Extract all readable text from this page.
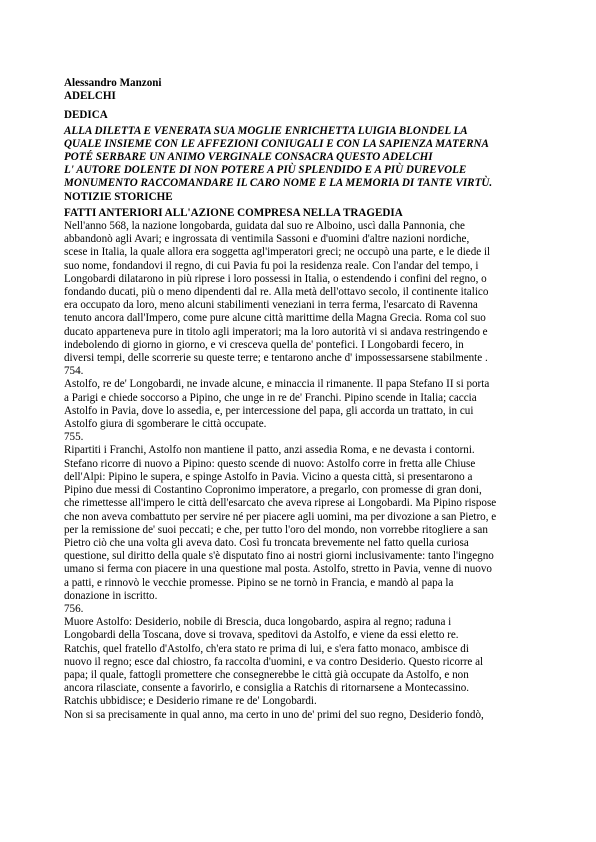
Alessandro Manzoni
ADELCHI
DEDICA
ALLA DILETTA E VENERATA SUA MOGLIE ENRICHETTA LUIGIA BLONDEL LA
QUALE INSIEME CON LE AFFEZIONI CONIUGALI E CON LA SAPIENZA MATERNA
POTÉ SERBARE UN ANIMO VERGINALE CONSACRA QUESTO ADELCHI
L' AUTORE DOLENTE DI NON POTERE A PIÙ SPLENDIDO E A PIÙ DUREVOLE
MONUMENTO RACCOMANDARE IL CARO NOME E LA MEMORIA DI TANTE VIRTÙ.
NOTIZIE STORICHE
FATTI ANTERIORI ALL'AZIONE COMPRESA NELLA TRAGEDIA
Nell'anno 568, la nazione longobarda, guidata dal suo re Alboino, uscì dalla Pannonia, che
abbandonò agli Avari; e ingrossata di ventimila Sassoni e d'uomini d'altre nazioni nordiche,
scese in Italia, la quale allora era soggetta agl'imperatori greci; ne occupò una parte, e le diede il
suo nome, fondandovi il regno, di cui Pavia fu poi la residenza reale. Con l'andar del tempo, i
Longobardi dilatarono in più riprese i loro possessi in Italia, o estendendo i confini del regno, o
fondando ducati, più o meno dipendenti dal re. Alla metà dell'ottavo secolo, il continente italico
era occupato da loro, meno alcuni stabilimenti veneziani in terra ferma, l'esarcato di Ravenna
tenuto ancora dall'Impero, come pure alcune città marittime della Magna Grecia. Roma col suo
ducato apparteneva pure in titolo agli imperatori; ma la loro autorità vi si andava restringendo e
indebolendo di giorno in giorno, e vi cresceva quella de' pontefici. I Longobardi fecero, in
diversi tempi, delle scorrerie su queste terre; e tentarono anche d' impossessarsene stabilmente .
754.
Astolfo, re de' Longobardi, ne invade alcune, e minaccia il rimanente. Il papa Stefano II si porta
a Parigi e chiede soccorso a Pipino, che unge in re de' Franchi. Pipino scende in Italia; caccia
Astolfo in Pavia, dove lo assedia, e, per intercessione del papa, gli accorda un trattato, in cui
Astolfo giura di sgomberare le città occupate.
755.
Ripartiti i Franchi, Astolfo non mantiene il patto, anzi assedia Roma, e ne devasta i contorni.
Stefano ricorre di nuovo a Pipino: questo scende di nuovo: Astolfo corre in fretta alle Chiuse
dell'Alpi: Pipino le supera, e spinge Astolfo in Pavia. Vicino a questa città, si presentarono a
Pipino due messi di Costantino Copronimo imperatore, a pregarlo, con promesse di gran doni,
che rimettesse all'impero le città dell'esarcato che aveva riprese ai Longobardi. Ma Pipino rispose
che non aveva combattuto per servire né per piacere agli uomini, ma per divozione a san Pietro, e
per la remissione de' suoi peccati; e che, per tutto l'oro del mondo, non vorrebbe ritogliere a san
Pietro ciò che una volta gli aveva dato. Così fu troncata brevemente nel fatto quella curiosa
questione, sul diritto della quale s'è disputato fino ai nostri giorni inclusivamente: tanto l'ingegno
umano si ferma con piacere in una questione mal posta. Astolfo, stretto in Pavia, venne di nuovo
a patti, e rinnovò le vecchie promesse. Pipino se ne tornò in Francia, e mandò al papa la
donazione in iscritto.
756.
Muore Astolfo: Desiderio, nobile di Brescia, duca longobardo, aspira al regno; raduna i
Longobardi della Toscana, dove si trovava, speditovi da Astolfo, e viene da essi eletto re.
Ratchis, quel fratello d'Astolfo, ch'era stato re prima di lui, e s'era fatto monaco, ambisce di
nuovo il regno; esce dal chiostro, fa raccolta d'uomini, e va contro Desiderio. Questo ricorre al
papa; il quale, fattogli promettere che consegnerebbe le città già occupate da Astolfo, e non
ancora rilasciate, consente a favorirlo, e consiglia a Ratchis di ritornarsene a Montecassino.
Ratchis ubbidisce; e Desiderio rimane re de' Longobardi.
Non si sa precisamente in qual anno, ma certo in uno de' primi del suo regno, Desiderio fondò,
